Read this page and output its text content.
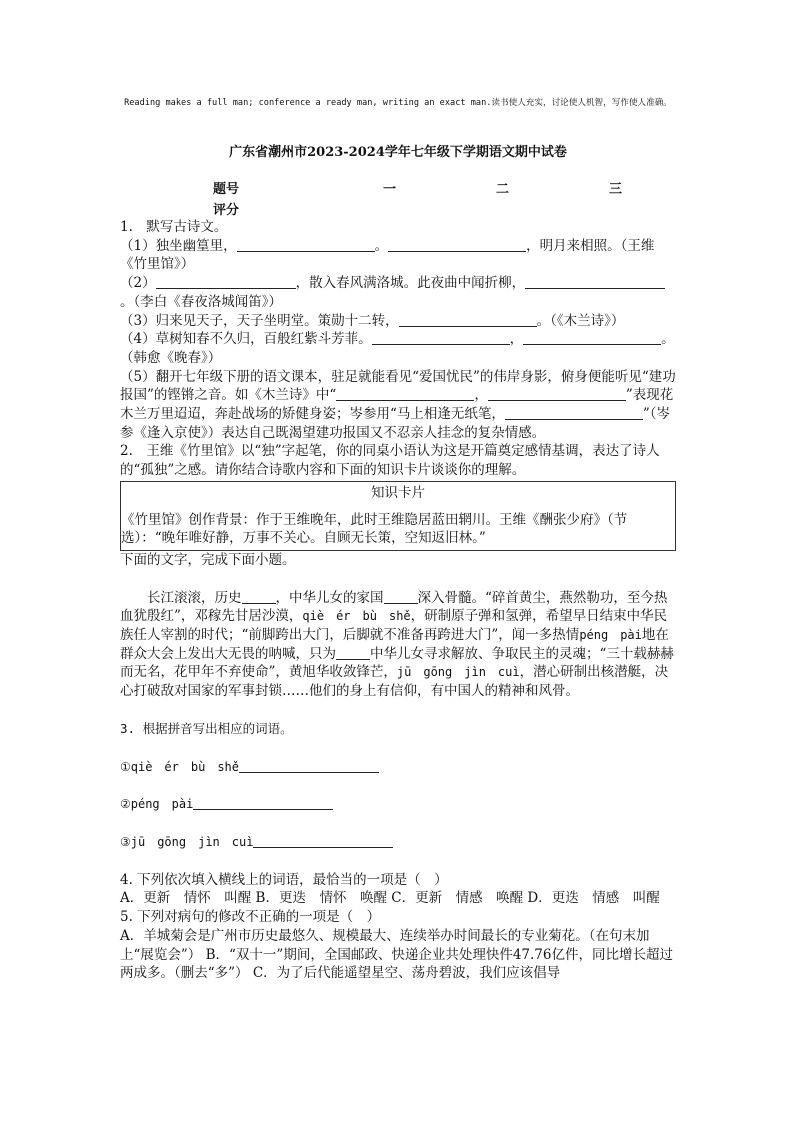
Reading makes a full man; conference a ready man, writing an exact man.读书使人充实，讨论使人机智，写作使人准确。
广东省潮州市2023-2024学年七年级下学期语文期中试卷
题号	一	二	三
评分

1.　默写古诗文。

（1）独坐幽篁里，	。	，明月来相照。（王维《竹里馆》）

（2）	，散入春风满洛城。此夜曲中闻折柳，。（李白《春夜洛城闻笛》）

（3）归来见天子，天子坐明堂。策勋十二转，	。（《木兰诗》）

（4）草树知春不久归，百般红紫斗芳菲。	，	。（韩愈《晚春》）

（5）翻开七年级下册的语文课本，驻足就能看见“爱国忧民”的伟岸身影，俯身便能听见“建功报国”的铿锵之音。如《木兰诗》中“	，	”表现花木兰万里迢迢，奔赴战场的矫健身姿；岑参用“马上相逢无纸笔，	”（岑参《逢入京使》）表达自己既渴望建功报国又不忍亲人挂念的复杂情感。

2.　王维《竹里馆》以“独”字起笔，你的同桌小语认为这是开篇奠定感情基调，表达了诗人的“孤独”之感。请你结合诗歌内容和下面的知识卡片谈谈你的理解。

知识卡片
《竹里馆》创作背景：作于王维晚年，此时王维隐居蓝田辋川。王维《酬张少府》（节选）：“晚年唯好静，万事不关心。自顾无长策，空知返旧林。”

下面的文字，完成下面小题。

长江滚滚，历史	，中华儿女的家国	深入骨髓。“碎首黄尘，燕然勒功，至今热血犹殷红”，邓稼先甘居沙漠，qiè　ér　bù　shě，研制原子弹和氢弹，希望早日结束中华民族任人宰割的时代；“前脚跨出大门，后脚就不准备再跨进大门”，闻一多热情péng　pài地在群众大会上发出大无畏的呐喊，只为	中华儿女寻求解放、争取民主的灵魂；“三十载赫赫而无名，花甲年不弃使命”，黄旭华收敛锋芒，jū　gōng　jìn　cuì，潜心研制出核潜艇，决心打破敌对国家的军事封锁……他们的身上有信仰，有中国人的精神和风骨。

3. 根据拼音写出相应的词语。

①qiè　ér　bù　shě

②péng　pài

③jū　gōng　jìn　cuì

4. 下列依次填入横线上的词语，最恰当的一项是（　）

A．更新　情怀　叫醒 B．更迭　情怀　唤醒 C．更新　情感　唤醒 D．更迭　情感　叫醒

5. 下列对病句的修改不正确的一项是（　）

A．羊城菊会是广州市历史最悠久、规模最大、连续举办时间最长的专业菊花。（在句末加上“展览会”） B．“双十一”期间，全国邮政、快递企业共处理快件47.76亿件，同比增长超过两成多。（删去“多”） C．为了后代能遥望星空、荡舟碧波，我们应该倡导
